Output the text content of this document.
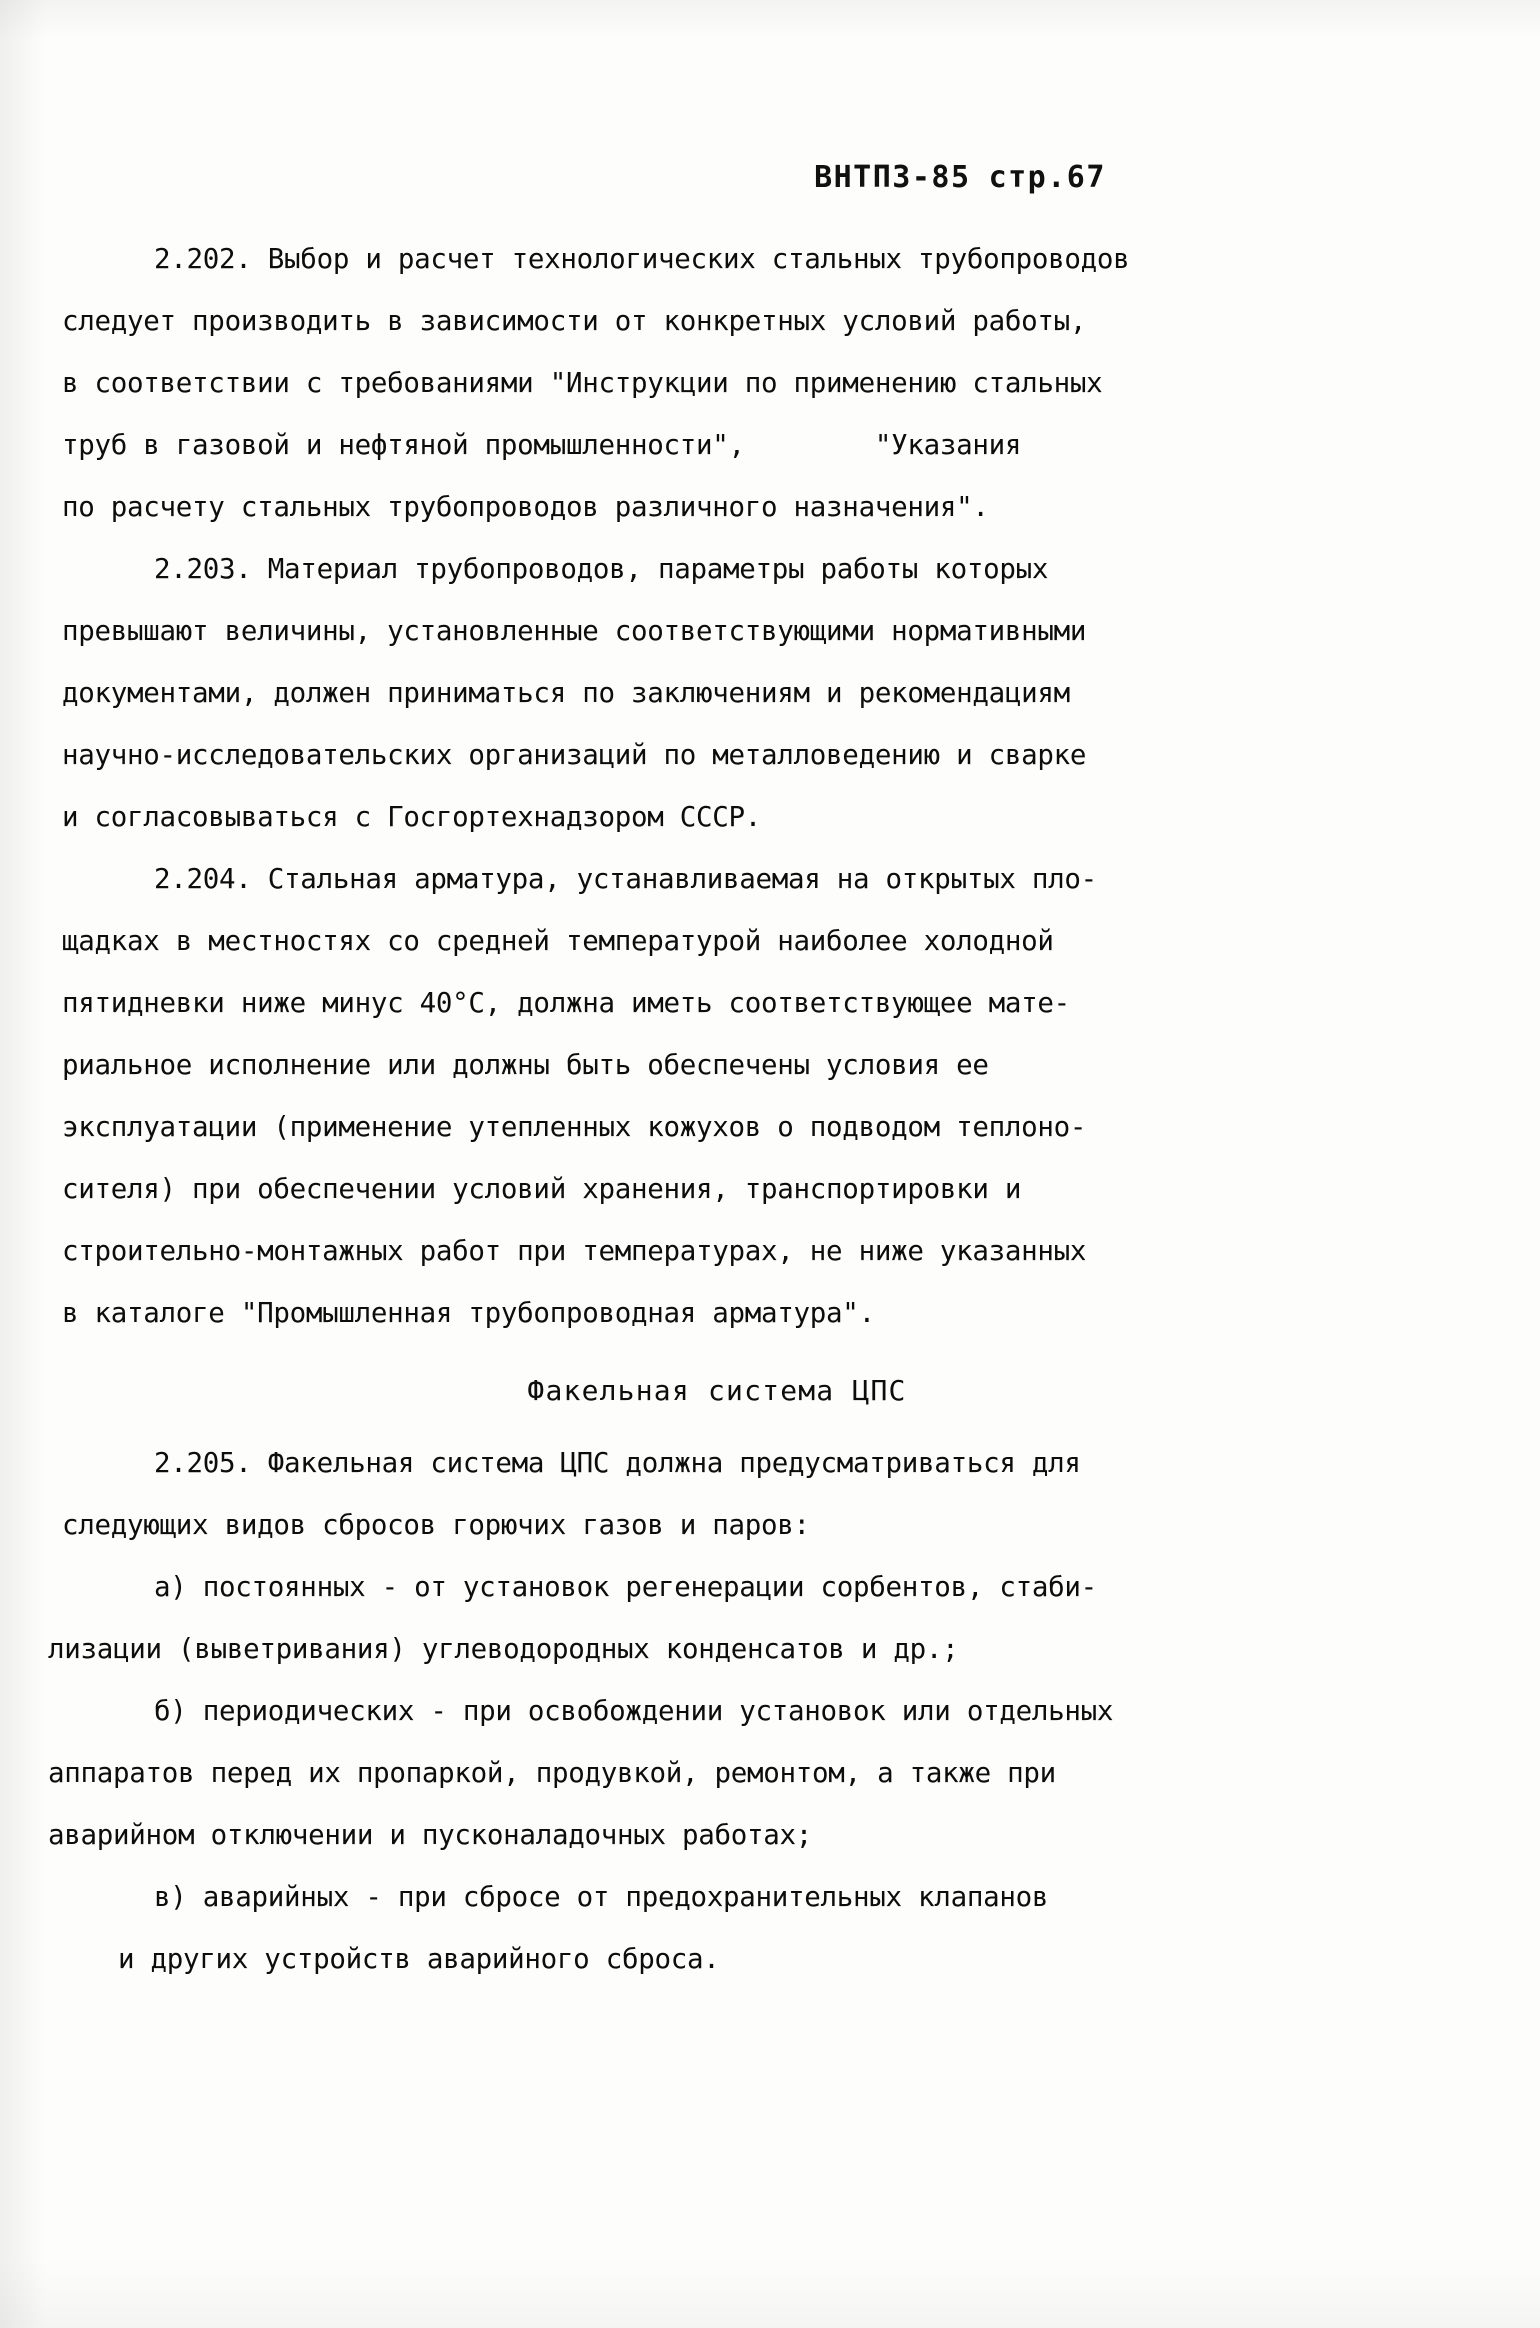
ВНТП3-85 стр.67
2.202. Выбор и расчет технологических стальных трубопроводов
следует производить в зависимости от конкретных условий работы,
в соответствии с требованиями "Инструкции по применению стальных
труб в газовой и нефтяной промышленности",        "Указания
по расчету стальных трубопроводов различного назначения".
2.203. Материал трубопроводов, параметры работы которых
превышают величины, установленные соответствующими нормативными
документами, должен приниматься по заключениям и рекомендациям
научно-исследовательских организаций по металловедению и сварке
и согласовываться с Госгортехнадзором СССР.
2.204. Стальная арматура, устанавливаемая на открытых пло-
щадках в местностях со средней температурой наиболее холодной
пятидневки ниже минус 40°С, должна иметь соответствующее мате-
риальное исполнение или должны быть обеспечены условия ее
эксплуатации (применение утепленных кожухов о подводом теплоно-
сителя) при обеспечении условий хранения, транспортировки и
строительно-монтажных работ при температурах, не ниже указанных
в каталоге "Промышленная трубопроводная арматура".
Факельная система ЦПС
2.205. Факельная система ЦПС должна предусматриваться для
следующих видов сбросов горючих газов и паров:
а) постоянных - от установок регенерации сорбентов, стаби-
лизации (выветривания) углеводородных конденсатов и др.;
б) периодических - при освобождении установок или отдельных
аппаратов перед их пропаркой, продувкой, ремонтом, а также при
аварийном отключении и пусконаладочных работах;
в) аварийных - при сбросе от предохранительных клапанов
и других устройств аварийного сброса.
